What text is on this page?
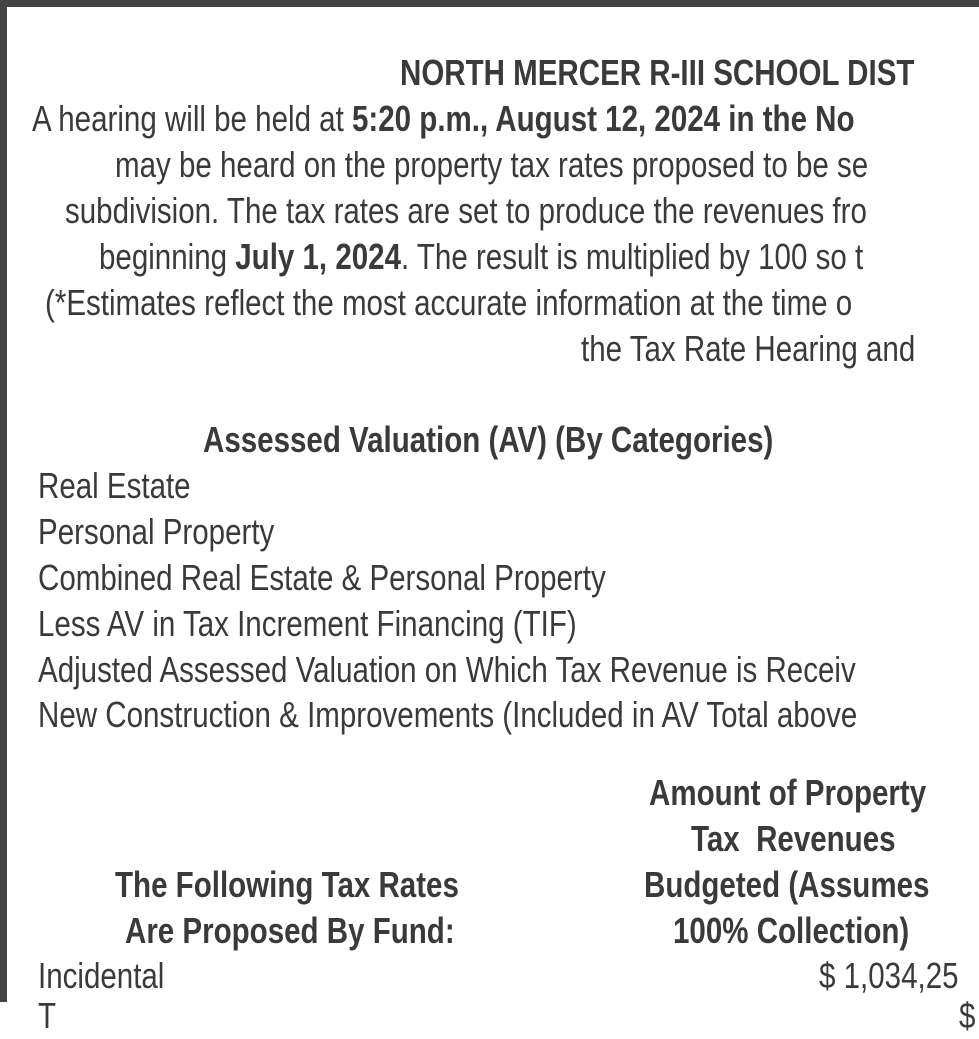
NORTH MERCER R-III SCHOOL DIST
A hearing will be held at 5:20 p.m., August 12, 2024 in the No
may be heard on the property tax rates proposed to be se
subdivision. The tax rates are set to produce the revenues fro
beginning July 1, 2024. The result is multiplied by 100 so t
(*Estimates reflect the most accurate information at the time o
the Tax Rate Hearing and
Assessed Valuation (AV) (By Categories)
Real Estate
Personal Property
Combined Real Estate & Personal Property
Less AV in Tax Increment Financing (TIF)
Adjusted Assessed Valuation on Which Tax Revenue is Receiv
New Construction & Improvements (Included in AV Total above
Amount of Property
Tax  Revenues
Budgeted (Assumes
100% Collection)
The Following Tax Rates
Are Proposed By Fund:
Incidental	$ 1,034,25
T	$
